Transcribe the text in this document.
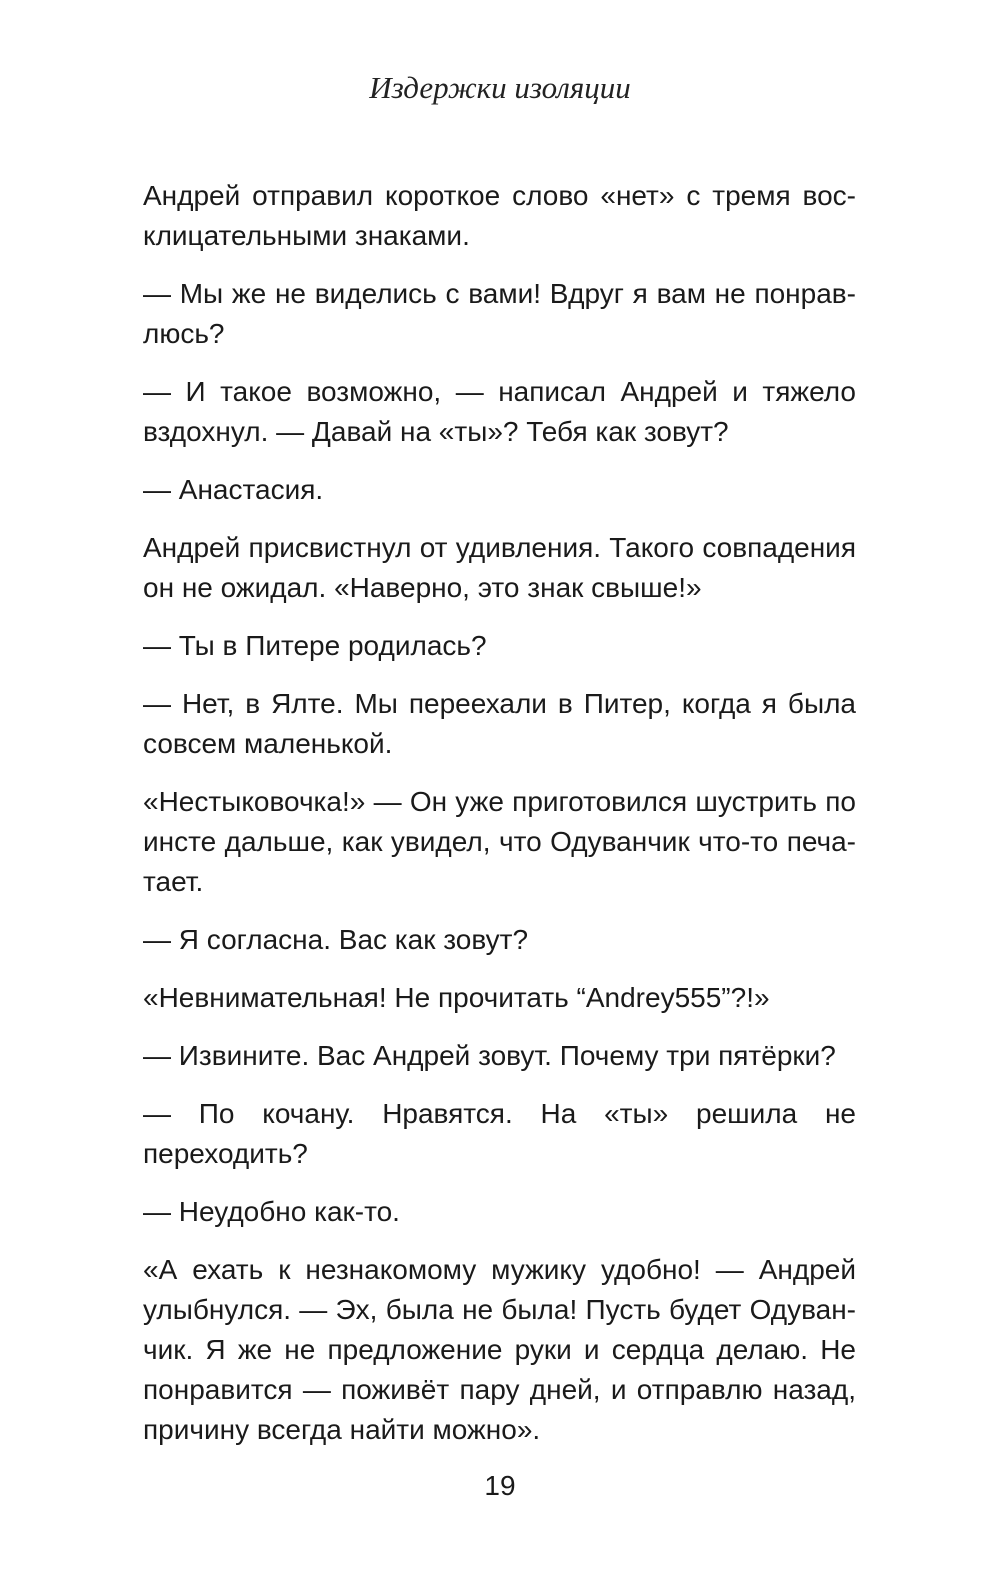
Издержки изоляции

Андрей отправил короткое слово «нет» с тремя восклицательными знаками.

— Мы же не виделись с вами! Вдруг я вам не понравлюсь?

— И такое возможно, — написал Андрей и тяжело вздохнул. — Давай на «ты»? Тебя как зовут?

— Анастасия.

Андрей присвистнул от удивления. Такого совпадения он не ожидал. «Наверно, это знак свыше!»

— Ты в Питере родилась?

— Нет, в Ялте. Мы переехали в Питер, когда я была совсем маленькой.

«Нестыковочка!» — Он уже приготовился шустрить по инсте дальше, как увидел, что Одуванчик что-то печатает.

— Я согласна. Вас как зовут?

«Невнимательная! Не прочитать “Andrey555”?!»

— Извините. Вас Андрей зовут. Почему три пятёрки?

— По кочану. Нравятся. На «ты» решила не переходить?

— Неудобно как-то.

«А ехать к незнакомому мужику удобно! — Андрей улыбнулся. — Эх, была не была! Пусть будет Одуванчик. Я же не предложение руки и сердца делаю. Не понравится — поживёт пару дней, и отправлю назад, причину всегда найти можно».

19
